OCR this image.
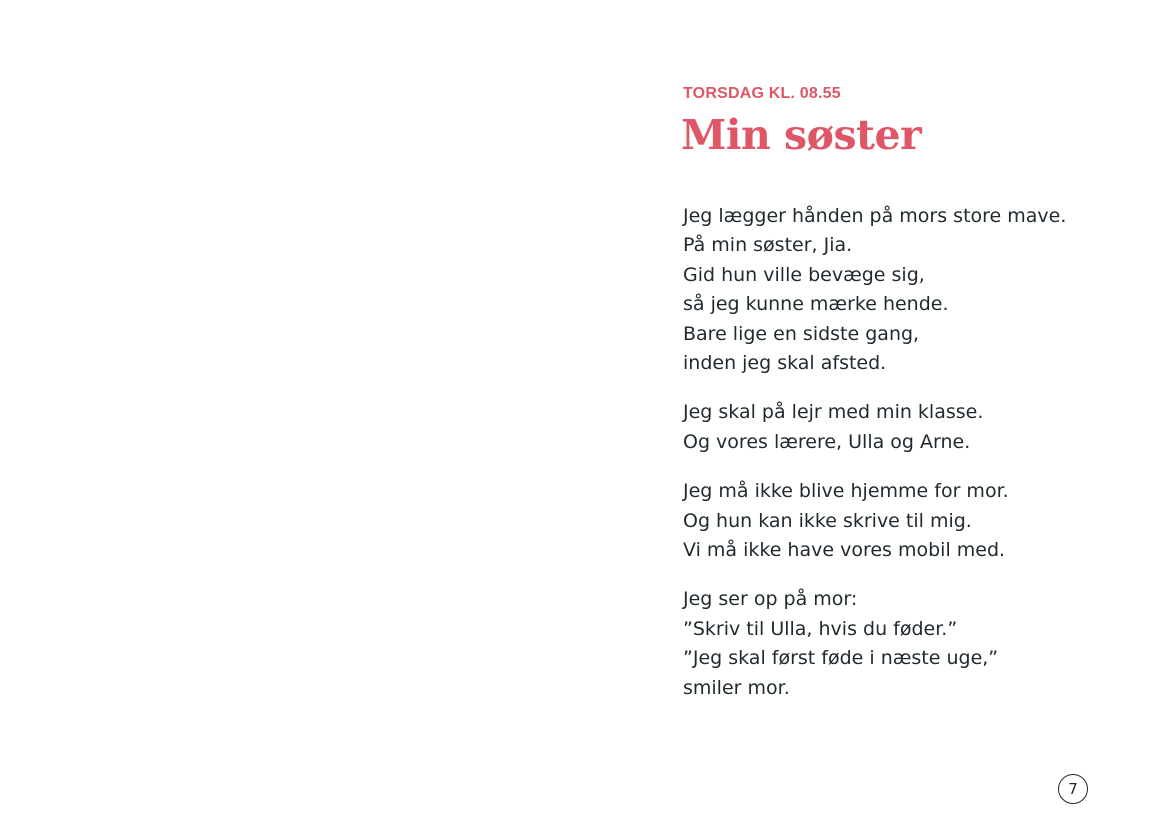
TORSDAG KL. 08.55
Min søster
Jeg lægger hånden på mors store mave.
På min søster, Jia.
Gid hun ville bevæge sig,
så jeg kunne mærke hende.
Bare lige en sidste gang,
inden jeg skal afsted.
Jeg skal på lejr med min klasse.
Og vores lærere, Ulla og Arne.
Jeg må ikke blive hjemme for mor.
Og hun kan ikke skrive til mig.
Vi må ikke have vores mobil med.
Jeg ser op på mor:
”Skriv til Ulla, hvis du føder.”
”Jeg skal først føde i næste uge,”
smiler mor.
7
